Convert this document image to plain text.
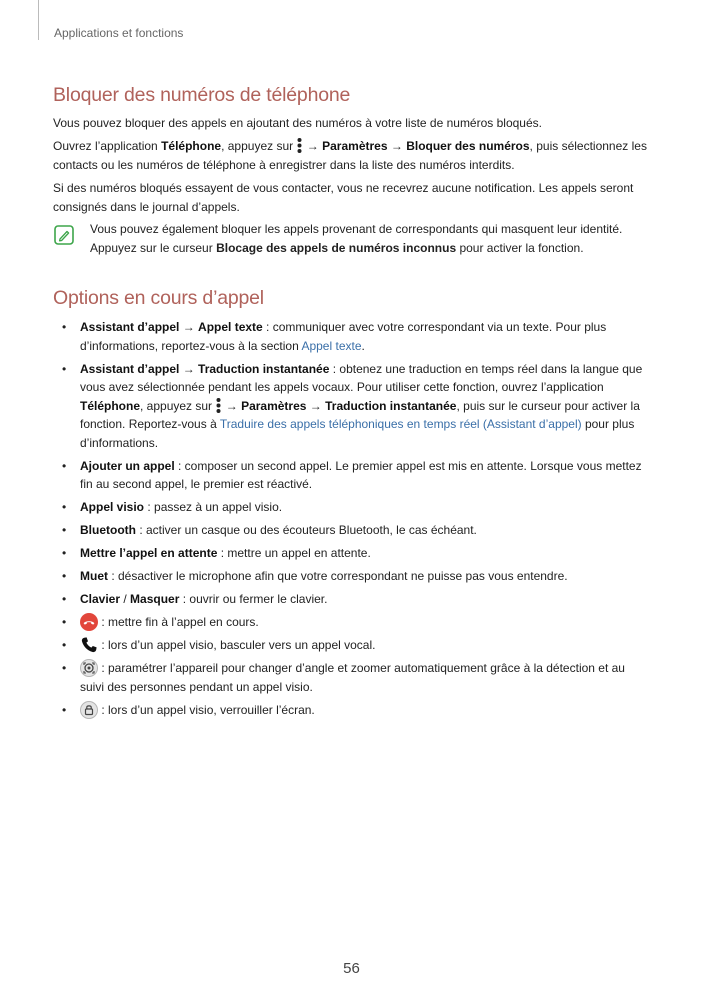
Applications et fonctions
Bloquer des numéros de téléphone

Vous pouvez bloquer des appels en ajoutant des numéros à votre liste de numéros bloqués.

Ouvrez l’application Téléphone, appuyez sur  → Paramètres → Bloquer des numéros, puis sélectionnez les contacts ou les numéros de téléphone à enregistrer dans la liste des numéros interdits.

Si des numéros bloqués essayent de vous contacter, vous ne recevrez aucune notification. Les appels seront consignés dans le journal d’appels.

Vous pouvez également bloquer les appels provenant de correspondants qui masquent leur identité. Appuyez sur le curseur Blocage des appels de numéros inconnus pour activer la fonction.

Options en cours d’appel
• Assistant d’appel → Appel texte : communiquer avec votre correspondant via un texte. Pour plus d’informations, reportez-vous à la section Appel texte.
• Assistant d’appel → Traduction instantanée : obtenez une traduction en temps réel dans la langue que vous avez sélectionnée pendant les appels vocaux. Pour utiliser cette fonction, ouvrez l’application Téléphone, appuyez sur  → Paramètres → Traduction instantanée, puis sur le curseur pour activer la fonction. Reportez-vous à Traduire des appels téléphoniques en temps réel (Assistant d’appel) pour plus d’informations.
• Ajouter un appel : composer un second appel. Le premier appel est mis en attente. Lorsque vous mettez fin au second appel, le premier est réactivé.
• Appel visio : passez à un appel visio.
• Bluetooth : activer un casque ou des écouteurs Bluetooth, le cas échéant.
• Mettre l’appel en attente : mettre un appel en attente.
• Muet : désactiver le microphone afin que votre correspondant ne puisse pas vous entendre.
• Clavier / Masquer : ouvrir ou fermer le clavier.
• : mettre fin à l’appel en cours.
• : lors d’un appel visio, basculer vers un appel vocal.
• : paramétrer l’appareil pour changer d’angle et zoomer automatiquement grâce à la détection et au suivi des personnes pendant un appel visio.
• : lors d’un appel visio, verrouiller l’écran.
56
